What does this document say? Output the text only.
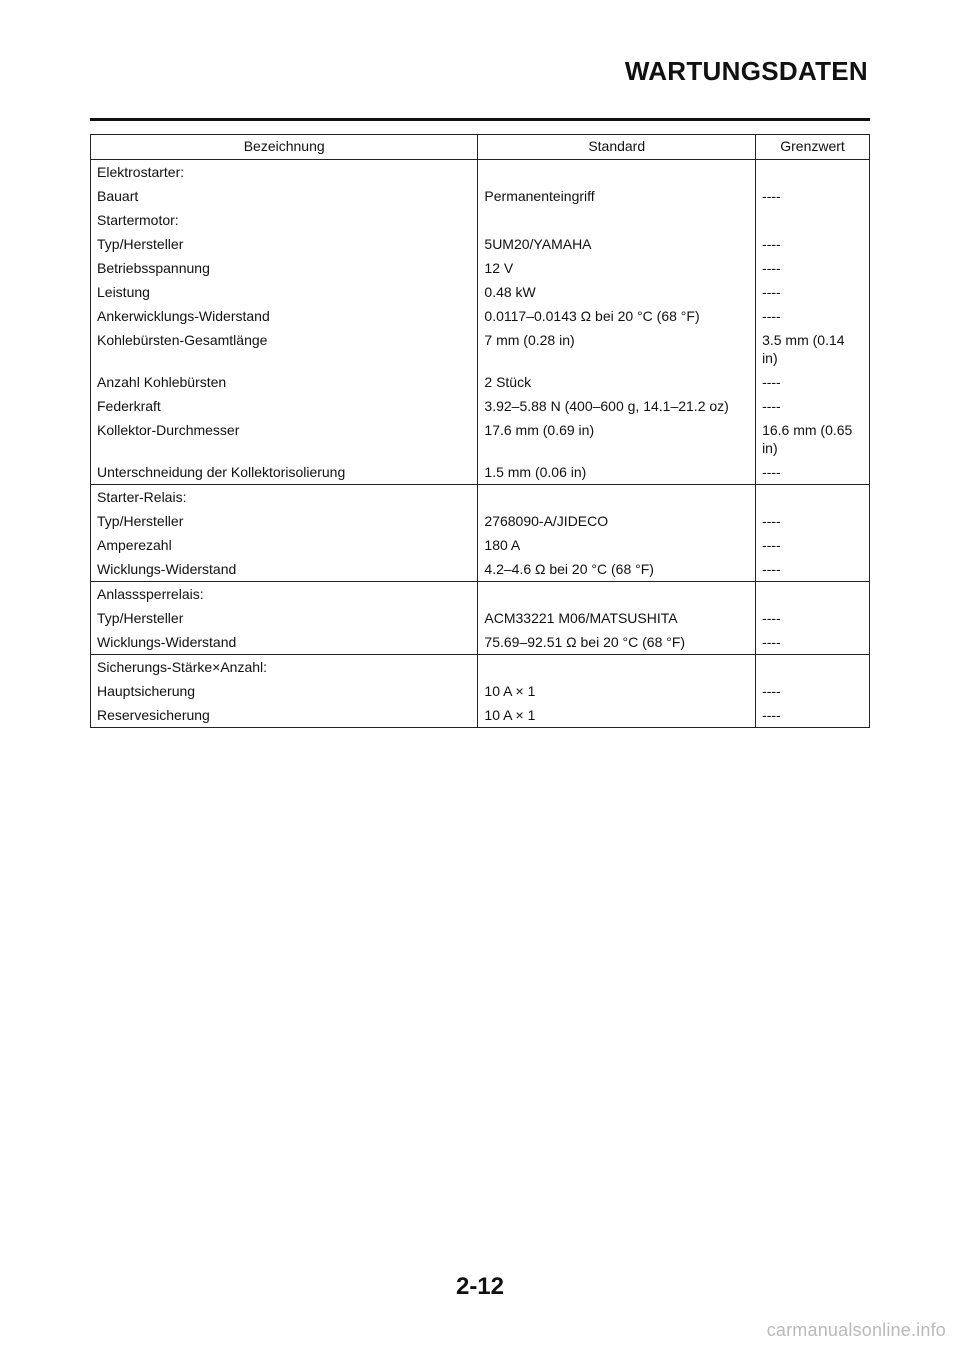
WARTUNGSDATEN
Bezeichnung	Standard	Grenzwert
Elektrostarter:		
Bauart	Permanenteingriff	----
Startermotor:		
Typ/Hersteller	5UM20/YAMAHA	----
Betriebsspannung	12 V	----
Leistung	0.48 kW	----
Ankerwicklungs-Widerstand	0.0117–0.0143 Ω bei 20 °C (68 °F)	----
Kohlebürsten-Gesamtlänge	7 mm (0.28 in)	3.5 mm (0.14 in)
Anzahl Kohlebürsten	2 Stück	----
Federkraft	3.92–5.88 N (400–600 g, 14.1–21.2 oz)	----
Kollektor-Durchmesser	17.6 mm (0.69 in)	16.6 mm (0.65 in)
Unterschneidung der Kollektorisolierung	1.5 mm (0.06 in)	----
Starter-Relais:		
Typ/Hersteller	2768090-A/JIDECO	----
Amperezahl	180 A	----
Wicklungs-Widerstand	4.2–4.6 Ω bei 20 °C (68 °F)	----
Anlasssperrelais:		
Typ/Hersteller	ACM33221 M06/MATSUSHITA	----
Wicklungs-Widerstand	75.69–92.51 Ω bei 20 °C (68 °F)	----
Sicherungs-Stärke×Anzahl:		
Hauptsicherung	10 A × 1	----
Reservesicherung	10 A × 1	----
2-12
carmanualsonline.info
